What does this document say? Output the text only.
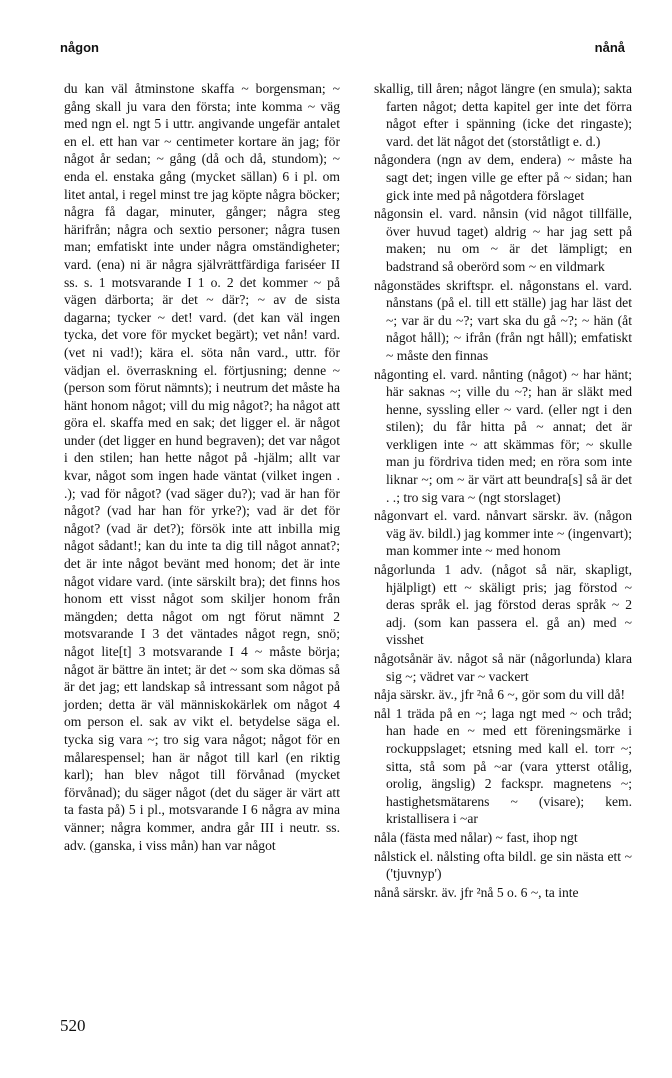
någon	nånå

du kan väl åtminstone skaffa ~ borgensman; ~ gång skall ju vara den första; inte komma ~ väg med ngn el. ngt 5 i uttr. angivande ungefär antalet en el. ett han var ~ centimeter kortare än jag; för något år sedan; ~ gång (då och då, stundom); ~ enda el. enstaka gång (mycket sällan) 6 i pl. om litet antal, i regel minst tre jag köpte några böcker; några få dagar, minuter, gånger; några steg härifrån; några och sextio personer; några tusen man; emfatiskt inte under några omständigheter; vard. (ena) ni är några självrättfärdiga fariséer II ss. s. 1 motsvarande I 1 o. 2 det kommer ~ på vägen därborta; är det ~ där?; ~ av de sista dagarna; tycker ~ det! vard. (det kan väl ingen tycka, det vore för mycket begärt); vet nån! vard. (vet ni vad!); kära el. söta nån vard., uttr. för vädjan el. överraskning el. förtjusning; denne ~ (person som förut nämnts); i neutrum det måste ha hänt honom något; vill du mig något?; ha något att göra el. skaffa med en sak; det ligger el. är något under (det ligger en hund begraven); det var något i den stilen; han hette något på -hjälm; allt var kvar, något som ingen hade väntat (vilket ingen . .); vad för något? (vad säger du?); vad är han för något? (vad har han för yrke?); vad är det för något? (vad är det?); försök inte att inbilla mig något sådant!; kan du inte ta dig till något annat?; det är inte något bevänt med honom; det är inte något vidare vard. (inte särskilt bra); det finns hos honom ett visst något som skiljer honom från mängden; detta något om ngt förut nämnt 2 motsvarande I 3 det väntades något regn, snö; något lite[t] 3 motsvarande I 4 ~ måste börja; något är bättre än intet; är det ~ som ska dömas så är det jag; ett landskap så intressant som något på jorden; detta är väl människokärlek om något 4 om person el. sak av vikt el. betydelse säga el. tycka sig vara ~; tro sig vara något; något för en målarespensel; han är något till karl (en riktig karl); han blev något till förvånad (mycket förvånad); du säger något (det du säger är värt att ta fasta på) 5 i pl., motsvarande I 6 några av mina vänner; några kommer, andra går III i neutr. ss. adv. (ganska, i viss mån) han var något

skallig, till åren; något längre (en smula); sakta farten något; detta kapitel ger inte det förra något efter i spänning (icke det ringaste); vard. det lät något det (storståtligt e. d.)

någondera (ngn av dem, endera) ~ måste ha sagt det; ingen ville ge efter på ~ sidan; han gick inte med på någotdera förslaget

någonsin el. vard. nånsin (vid något tillfälle, över huvud taget) aldrig ~ har jag sett på maken; nu om ~ är det lämpligt; en badstrand så oberörd som ~ en vildmark

någonstädes skriftspr. el. någonstans el. vard. nånstans (på el. till ett ställe) jag har läst det ~; var är du ~?; vart ska du gå ~?; ~ hän (åt något håll); ~ ifrån (från ngt håll); emfatiskt ~ måste den finnas

någonting el. vard. nånting (något) ~ har hänt; här saknas ~; ville du ~?; han är släkt med henne, syssling eller ~ vard. (eller ngt i den stilen); du får hitta på ~ annat; det är verkligen inte ~ att skämmas för; ~ skulle man ju fördriva tiden med; en röra som inte liknar ~; om ~ är värt att beundra[s] så är det . .; tro sig vara ~ (ngt storslaget)

någonvart el. vard. nånvart särskr. äv. (någon väg äv. bildl.) jag kommer inte ~ (ingenvart); man kommer inte ~ med honom

någorlunda 1 adv. (något så när, skapligt, hjälpligt) ett ~ skäligt pris; jag förstod ~ deras språk el. jag förstod deras språk ~ 2 adj. (som kan passera el. gå an) med ~ visshet

någotsånär äv. något så när (någorlunda) klara sig ~; vädret var ~ vackert

nåja särskr. äv., jfr ²nå 6 ~, gör som du vill då!

nål 1 träda på en ~; laga ngt med ~ och tråd; han hade en ~ med ett föreningsmärke i rockuppslaget; etsning med kall el. torr ~; sitta, stå som på ~ar (vara ytterst otålig, orolig, ängslig) 2 fackspr. magnetens ~; hastighetsmätarens ~ (visare); kem. kristallisera i ~ar

nåla (fästa med nålar) ~ fast, ihop ngt

nålstick el. nålsting ofta bildl. ge sin nästa ett ~ ('tjuvnyp')

nånå särskr. äv. jfr ²nå 5 o. 6 ~, ta inte

520
